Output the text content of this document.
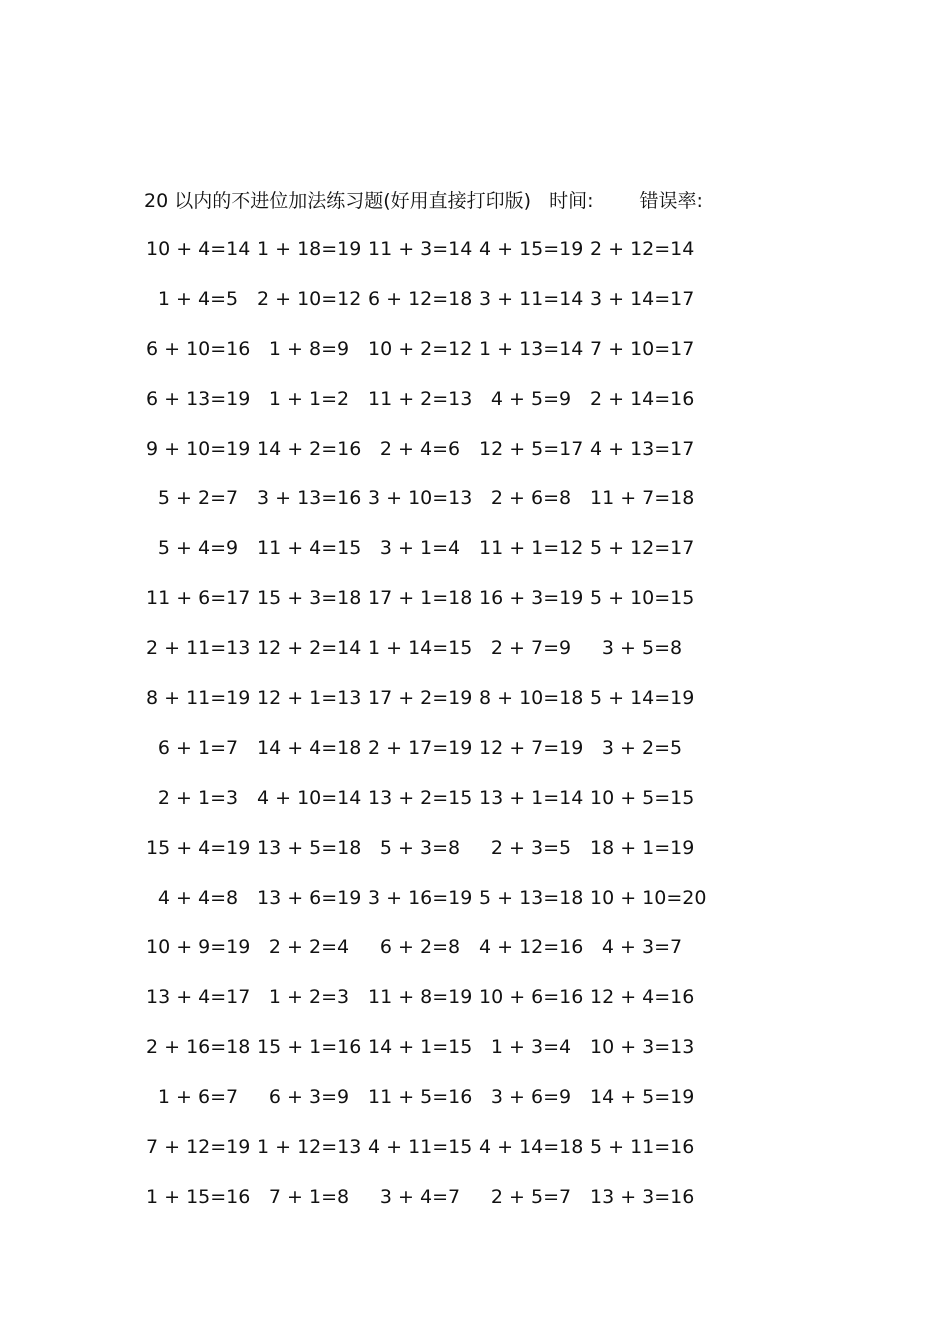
20 以内的不进位加法练习题(好用直接打印版) 时间: 错误率:
10 + 4=14 1 + 18=19 11 + 3=14 4 + 15=19 2 + 12=14
1 + 4=5 2 + 10=12 6 + 12=18 3 + 11=14 3 + 14=17
6 + 10=16 1 + 8=9 10 + 2=12 1 + 13=14 7 + 10=17
6 + 13=19 1 + 1=2 11 + 2=13 4 + 5=9 2 + 14=16
9 + 10=19 14 + 2=16 2 + 4=6 12 + 5=17 4 + 13=17
5 + 2=7 3 + 13=16 3 + 10=13 2 + 6=8 11 + 7=18
5 + 4=9 11 + 4=15 3 + 1=4 11 + 1=12 5 + 12=17
11 + 6=17 15 + 3=18 17 + 1=18 16 + 3=19 5 + 10=15
2 + 11=13 12 + 2=14 1 + 14=15 2 + 7=9	3 + 5=8
8 + 11=19 12 + 1=13 17 + 2=19 8 + 10=18 5 + 14=19
6 + 1=7 14 + 4=18 2 + 17=19 12 + 7=19 3 + 2=5
2 + 1=3 4 + 10=14 13 + 2=15 13 + 1=14 10 + 5=15
15 + 4=19 13 + 5=18 5 + 3=8	2 + 3=5 18 + 1=19
4 + 4=8 13 + 6=19 3 + 16=19 5 + 13=18 10 + 10=20
10 + 9=19 2 + 2=4	6 + 2=8 4 + 12=16 4 + 3=7
13 + 4=17 1 + 2=3 11 + 8=19 10 + 6=16 12 + 4=16
2 + 16=18 15 + 1=16 14 + 1=15 1 + 3=4 10 + 3=13
1 + 6=7	6 + 3=9 11 + 5=16 3 + 6=9 14 + 5=19
7 + 12=19 1 + 12=13 4 + 11=15 4 + 14=18 5 + 11=16
1 + 15=16 7 + 1=8	3 + 4=7	2 + 5=7 13 + 3=16
